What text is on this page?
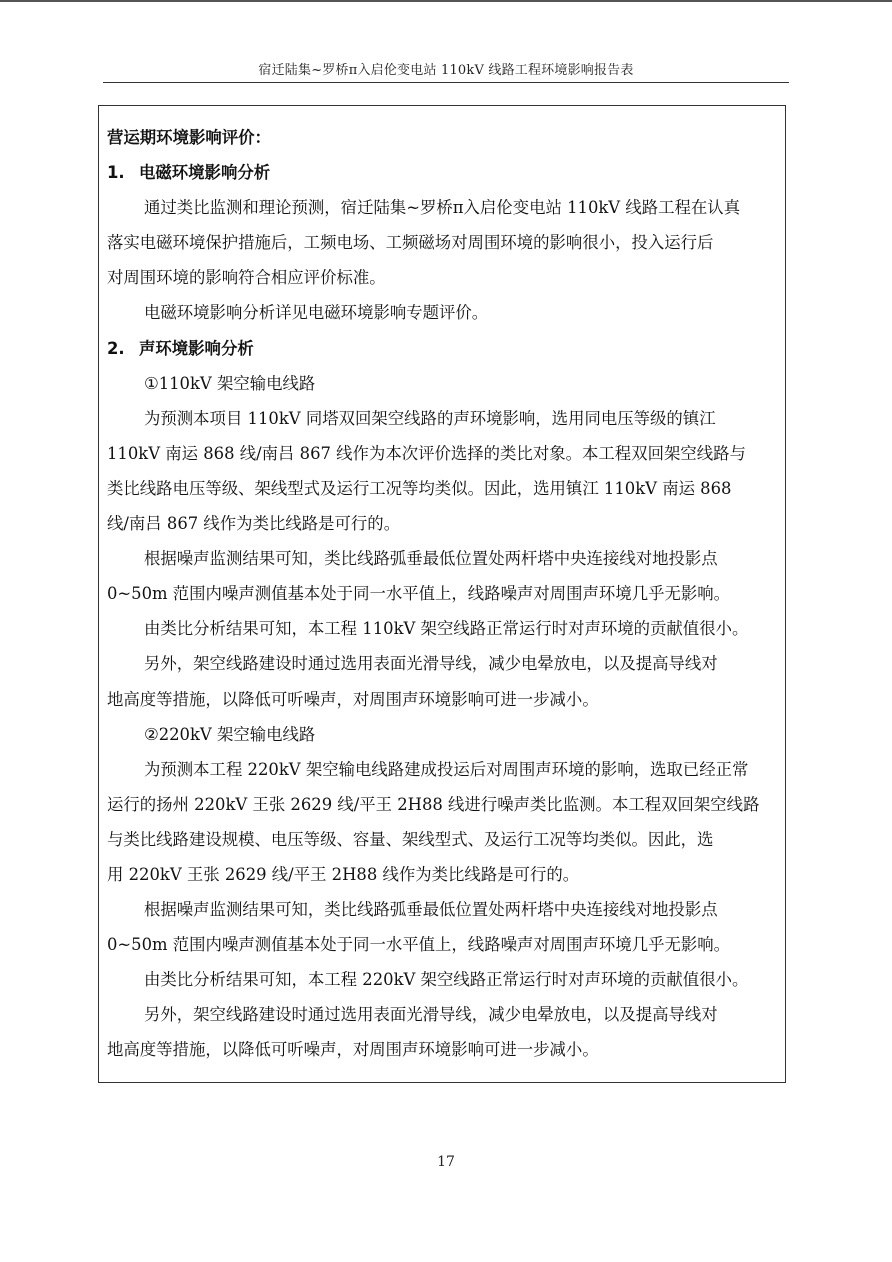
宿迁陆集~罗桥π入启伦变电站 110kV 线路工程环境影响报告表
营运期环境影响评价：
1. 电磁环境影响分析
通过类比监测和理论预测，宿迁陆集~罗桥π入启伦变电站 110kV 线路工程在认真
落实电磁环境保护措施后，工频电场、工频磁场对周围环境的影响很小，投入运行后
对周围环境的影响符合相应评价标准。
电磁环境影响分析详见电磁环境影响专题评价。
2. 声环境影响分析
①110kV 架空输电线路
为预测本项目 110kV 同塔双回架空线路的声环境影响，选用同电压等级的镇江
110kV 南运 868 线/南吕 867 线作为本次评价选择的类比对象。本工程双回架空线路与
类比线路电压等级、架线型式及运行工况等均类似。因此，选用镇江 110kV 南运 868
线/南吕 867 线作为类比线路是可行的。
根据噪声监测结果可知，类比线路弧垂最低位置处两杆塔中央连接线对地投影点
0~50m 范围内噪声测值基本处于同一水平值上，线路噪声对周围声环境几乎无影响。
由类比分析结果可知，本工程 110kV 架空线路正常运行时对声环境的贡献值很小。
另外，架空线路建设时通过选用表面光滑导线，减少电晕放电，以及提高导线对
地高度等措施，以降低可听噪声，对周围声环境影响可进一步减小。
②220kV 架空输电线路
为预测本工程 220kV 架空输电线路建成投运后对周围声环境的影响，选取已经正常
运行的扬州 220kV 王张 2629 线/平王 2H88 线进行噪声类比监测。本工程双回架空线路
与类比线路建设规模、电压等级、容量、架线型式、及运行工况等均类似。因此，选
用 220kV 王张 2629 线/平王 2H88 线作为类比线路是可行的。
根据噪声监测结果可知，类比线路弧垂最低位置处两杆塔中央连接线对地投影点
0~50m 范围内噪声测值基本处于同一水平值上，线路噪声对周围声环境几乎无影响。
由类比分析结果可知，本工程 220kV 架空线路正常运行时对声环境的贡献值很小。
另外，架空线路建设时通过选用表面光滑导线，减少电晕放电，以及提高导线对
地高度等措施，以降低可听噪声，对周围声环境影响可进一步减小。
17
